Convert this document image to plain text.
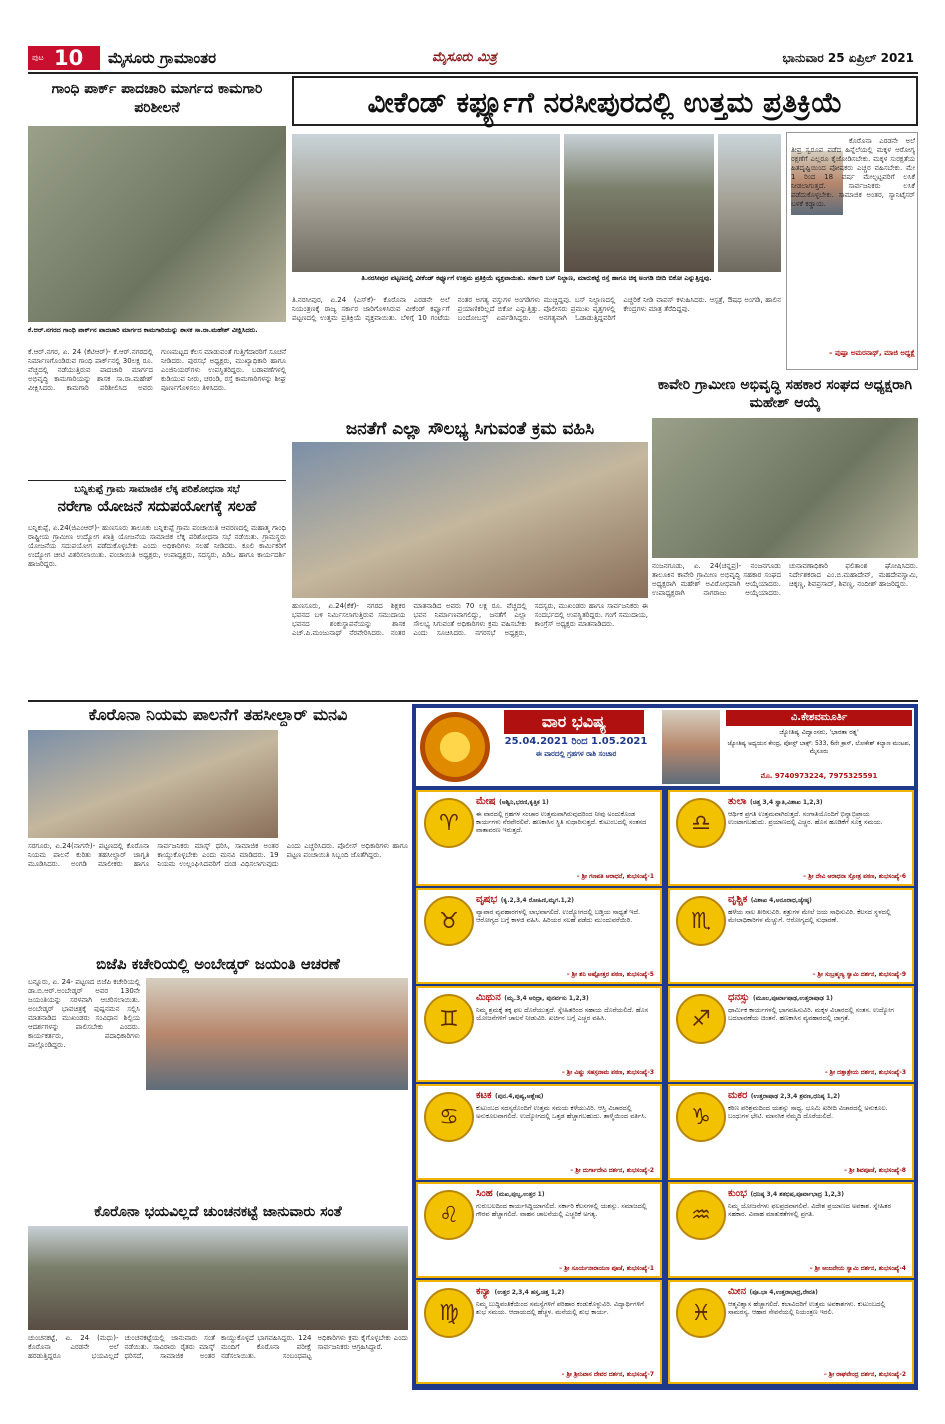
ಪುಟ 10 ಮೈಸೂರು ಗ್ರಾಮಾಂತರ	ಮೈಸೂರು ಮಿತ್ರ	ಭಾನುವಾರ 25 ಏಪ್ರಿಲ್ 2021
ಗಾಂಧಿ ಪಾರ್ಕ್ ಪಾದಚಾರಿ ಮಾರ್ಗದ ಕಾಮಗಾರಿ ಪರಿಶೀಲನೆ
ಕೆ.ಆರ್.ನಗರದ ಗಾಂಧಿ ಪಾರ್ಕ್‌ನ ಪಾದಚಾರಿ ಮಾರ್ಗದ ಕಾಮಗಾರಿಯನ್ನು ಶಾಸಕ ಸಾ.ರಾ.ಮಹೇಶ್ ವೀಕ್ಷಿಸಿದರು.
ಕೆ.ಆರ್.ನಗರ, ಏ. 24 (ಕೆಟಿಆರ್)- ಕೆ.ಆರ್.ನಗರದಲ್ಲಿ ನಿರ್ಮಾಣಗೊಂಡಿರುವ ಗಾಂಧಿ ಪಾರ್ಕ್‌ನಲ್ಲಿ 30ಲಕ್ಷ ರೂ. ವೆಚ್ಚದಲ್ಲಿ ನಡೆಯುತ್ತಿರುವ ಪಾದಚಾರಿ ಮಾರ್ಗದ ಅಭಿವೃದ್ಧಿ ಕಾಮಗಾರಿಯನ್ನು ಶಾಸಕ ಸಾ.ರಾ.ಮಹೇಶ್ ವೀಕ್ಷಿಸಿದರು. ಕಾಮಗಾರಿ ಪರಿಶೀಲಿಸಿದ ಅವರು ಗುಣಮಟ್ಟದ ಕೆಲಸ ಮಾಡುವಂತೆ ಗುತ್ತಿಗೆದಾರರಿಗೆ ಸೂಚನೆ ನೀಡಿದರು. ಪುರಸಭೆ ಅಧ್ಯಕ್ಷರು, ಮುಖ್ಯಾಧಿಕಾರಿ ಹಾಗೂ ಎಂಜಿನಿಯರ್‌ಗಳು ಉಪಸ್ಥಿತರಿದ್ದರು. ಬಡಾವಣೆಗಳಲ್ಲಿ ಕುಡಿಯುವ ನೀರು, ಚರಂಡಿ, ರಸ್ತೆ ಕಾಮಗಾರಿಗಳನ್ನು ಶೀಘ್ರ ಪೂರ್ಣಗೊಳಿಸಲು ತಿಳಿಸಿದರು.
ಬನ್ನಿಕುಪ್ಪೆ ಗ್ರಾಮ ಸಾಮಾಜಿಕ ಲೆಕ್ಕ ಪರಿಶೋಧನಾ ಸಭೆ
ನರೇಗಾ ಯೋಜನೆ ಸದುಪಯೋಗಕ್ಕೆ ಸಲಹೆ
ಬನ್ನಿಕುಪ್ಪೆ, ಏ.24(ಜಿಎಂಆರ್)- ಹುಣಸೂರು ತಾಲೂಕು ಬನ್ನಿಕುಪ್ಪೆ ಗ್ರಾಮ ಪಂಚಾಯಿತಿ ಆವರಣದಲ್ಲಿ ಮಹಾತ್ಮ ಗಾಂಧಿ ರಾಷ್ಟ್ರೀಯ ಗ್ರಾಮೀಣ ಉದ್ಯೋಗ ಖಾತ್ರಿ ಯೋಜನೆಯ ಸಾಮಾಜಿಕ ಲೆಕ್ಕ ಪರಿಶೋಧನಾ ಸಭೆ ನಡೆಯಿತು. ಗ್ರಾಮಸ್ಥರು ಯೋಜನೆಯ ಸದುಪಯೋಗ ಪಡೆದುಕೊಳ್ಳಬೇಕು ಎಂದು ಅಧಿಕಾರಿಗಳು ಸಲಹೆ ನೀಡಿದರು. ಕೂಲಿ ಕಾರ್ಮಿಕರಿಗೆ ಉದ್ಯೋಗ ಚೀಟಿ ವಿತರಿಸಲಾಯಿತು. ಪಂಚಾಯಿತಿ ಅಧ್ಯಕ್ಷರು, ಉಪಾಧ್ಯಕ್ಷರು, ಸದಸ್ಯರು, ಪಿಡಿಒ ಹಾಗೂ ಕಾರ್ಯದರ್ಶಿ ಹಾಜರಿದ್ದರು.
ವೀಕೆಂಡ್ ಕರ್ಫ್ಯೂಗೆ ನರಸೀಪುರದಲ್ಲಿ ಉತ್ತಮ ಪ್ರತಿಕ್ರಿಯೆ
ತಿ.ನರಸೀಪುರ ಪಟ್ಟಣದಲ್ಲಿ ವೀಕೆಂಡ್ ಕರ್ಫ್ಯೂಗೆ ಉತ್ತಮ ಪ್ರತಿಕ್ರಿಯೆ ವ್ಯಕ್ತವಾಯಿತು. ಸರ್ಕಾರಿ ಬಸ್ ನಿಲ್ದಾಣ, ಮಾರುಕಟ್ಟೆ ರಸ್ತೆ ಹಾಗೂ ಚಿಕ್ಕ ಅಂಗಡಿ ಬೀದಿ ಬಿಕೋ ಎನ್ನುತ್ತಿದ್ದವು.
ತಿ.ನರಸೀಪುರ, ಏ.24 (ಎಸ್‌ಕೆ)- ಕೊರೊನಾ ಎರಡನೇ ಅಲೆ ನಿಯಂತ್ರಣಕ್ಕೆ ರಾಜ್ಯ ಸರ್ಕಾರ ಜಾರಿಗೊಳಿಸಿರುವ ವೀಕೆಂಡ್ ಕರ್ಫ್ಯೂಗೆ ಪಟ್ಟಣದಲ್ಲಿ ಉತ್ತಮ ಪ್ರತಿಕ್ರಿಯೆ ವ್ಯಕ್ತವಾಯಿತು. ಬೆಳಿಗ್ಗೆ 10 ಗಂಟೆಯ ನಂತರ ಅಗತ್ಯ ವಸ್ತುಗಳ ಅಂಗಡಿಗಳು ಮುಚ್ಚಿದ್ದವು. ಬಸ್ ನಿಲ್ದಾಣದಲ್ಲಿ ಪ್ರಯಾಣಿಕರಿಲ್ಲದೆ ಬಿಕೋ ಎನ್ನುತ್ತಿತ್ತು. ಪೊಲೀಸರು ಪ್ರಮುಖ ವೃತ್ತಗಳಲ್ಲಿ ಬಂದೋಬಸ್ತ್ ಏರ್ಪಡಿಸಿದ್ದರು. ಅನಗತ್ಯವಾಗಿ ಓಡಾಡುತ್ತಿದ್ದವರಿಗೆ ಎಚ್ಚರಿಕೆ ನೀಡಿ ವಾಪಸ್ ಕಳುಹಿಸಿದರು. ಆಸ್ಪತ್ರೆ, ಔಷಧ ಅಂಗಡಿ, ಹಾಲಿನ ಕೇಂದ್ರಗಳು ಮಾತ್ರ ತೆರೆದಿದ್ದವು.
ಕೊರೊನಾ ಎರಡನೇ ಅಲೆ ತೀವ್ರ ಸ್ವರೂಪ ಪಡೆದ ಹಿನ್ನೆಲೆಯಲ್ಲಿ ಮಕ್ಕಳ ಆರೋಗ್ಯ ರಕ್ಷಣೆಗೆ ಎಲ್ಲರೂ ಕೈಜೋಡಿಸಬೇಕು. ಮಕ್ಕಳ ಸುರಕ್ಷತೆಯ ಹಿತದೃಷ್ಟಿಯಿಂದ ಪೋಷಕರು ಎಚ್ಚರ ವಹಿಸಬೇಕು. ಮೇ 1 ರಿಂದ 18 ವರ್ಷ ಮೇಲ್ಪಟ್ಟವರಿಗೆ ಲಸಿಕೆ ನೀಡಲಾಗುತ್ತದೆ. ಸಾರ್ವಜನಿಕರು ಲಸಿಕೆ ಪಡೆದುಕೊಳ್ಳಬೇಕು. ಸಾಮಾಜಿಕ ಅಂತರ, ಸ್ಯಾನಿಟೈಸರ್ ಬಳಕೆ ಕಡ್ಡಾಯ.
– ಪುಷ್ಪಾ ಅಮರನಾಥ್, ಮಾಜಿ ಅಧ್ಯಕ್ಷೆ
ಜನತೆಗೆ ಎಲ್ಲಾ ಸೌಲಭ್ಯ ಸಿಗುವಂತೆ ಕ್ರಮ ವಹಿಸಿ
ಹುಣಸೂರು, ಏ.24(ಕೆಕೆ)- ನಗರದ ಶಿಕ್ಷಕರ ಭವನದ ಬಳಿ ನಿರ್ಮಿಸಲಾಗುತ್ತಿರುವ ಸಮುದಾಯ ಭವನದ ಶಂಕುಸ್ಥಾಪನೆಯನ್ನು ಶಾಸಕ ಎಚ್.ಪಿ.ಮಂಜುನಾಥ್ ನೆರವೇರಿಸಿದರು. ನಂತರ ಮಾತನಾಡಿದ ಅವರು 70 ಲಕ್ಷ ರೂ. ವೆಚ್ಚದಲ್ಲಿ ಭವನ ನಿರ್ಮಾಣವಾಗಲಿದ್ದು, ಜನತೆಗೆ ಎಲ್ಲಾ ಸೌಲಭ್ಯ ಸಿಗುವಂತೆ ಅಧಿಕಾರಿಗಳು ಕ್ರಮ ವಹಿಸಬೇಕು ಎಂದು ಸೂಚಿಸಿದರು. ನಗರಸಭೆ ಅಧ್ಯಕ್ಷರು, ಸದಸ್ಯರು, ಮುಖಂಡರು ಹಾಗೂ ಸಾರ್ವಜನಿಕರು ಈ ಸಂದರ್ಭದಲ್ಲಿ ಉಪಸ್ಥಿತರಿದ್ದರು. ಗಂಗೆ ಸಮುದಾಯ, ಕಾಂಗ್ರೆಸ್ ಅಧ್ಯಕ್ಷರು ಮಾತನಾಡಿದರು.
ಕಾವೇರಿ ಗ್ರಾಮೀಣ ಅಭಿವೃದ್ಧಿ ಸಹಕಾರ ಸಂಘದ ಅಧ್ಯಕ್ಷರಾಗಿ ಮಹೇಶ್ ಆಯ್ಕೆ
ನಂಜನಗೂಡು, ಏ. 24(ಚನ್ನಪ್ರ)- ನಂಜನಗೂಡು ತಾಲೂಕಿನ ಕಾವೇರಿ ಗ್ರಾಮೀಣ ಅಭಿವೃದ್ಧಿ ಸಹಕಾರ ಸಂಘದ ಅಧ್ಯಕ್ಷರಾಗಿ ಮಹೇಶ್ ಅವಿರೋಧವಾಗಿ ಆಯ್ಕೆಯಾದರು. ಉಪಾಧ್ಯಕ್ಷರಾಗಿ ನಾಗರಾಜು ಆಯ್ಕೆಯಾದರು. ಚುನಾವಣಾಧಿಕಾರಿ ಫಲಿತಾಂಶ ಘೋಷಿಸಿದರು. ನಿರ್ದೇಶಕರಾದ ಎಂ.ಬಿ.ಮಹಾದೇವ್, ಮಹದೇವಸ್ವಾಮಿ, ಚಿಕ್ಕಣ್ಣ, ಶಿವಪ್ರಸಾದ್, ಶಿವಣ್ಣ, ನಂದೀಶ್ ಹಾಜರಿದ್ದರು.
ಕೊರೊನಾ ನಿಯಮ ಪಾಲನೆಗೆ ತಹಸೀಲ್ದಾರ್ ಮನವಿ
ಸರಗೂರು, ಏ.24(ನಾಗಸೇ)- ಪಟ್ಟಣದಲ್ಲಿ ಕೊರೊನಾ ನಿಯಮ ಪಾಲನೆ ಕುರಿತು ತಹಸೀಲ್ದಾರ್ ಜಾಗೃತಿ ಮೂಡಿಸಿದರು. ಅಂಗಡಿ ಮಾಲೀಕರು ಹಾಗೂ ಸಾರ್ವಜನಿಕರು ಮಾಸ್ಕ್ ಧರಿಸಿ, ಸಾಮಾಜಿಕ ಅಂತರ ಕಾಯ್ದುಕೊಳ್ಳಬೇಕು ಎಂದು ಮನವಿ ಮಾಡಿದರು. 19 ನಿಯಮ ಉಲ್ಲಂಘಿಸಿದವರಿಗೆ ದಂಡ ವಿಧಿಸಲಾಗುವುದು ಎಂದು ಎಚ್ಚರಿಸಿದರು. ಪೊಲೀಸ್ ಅಧಿಕಾರಿಗಳು ಹಾಗೂ ಪಟ್ಟಣ ಪಂಚಾಯಿತಿ ಸಿಬ್ಬಂದಿ ಜೊತೆಗಿದ್ದರು.
ಬಿಜೆಪಿ ಕಚೇರಿಯಲ್ಲಿ ಅಂಬೇಡ್ಕರ್ ಜಯಂತಿ ಆಚರಣೆ
ಬನ್ನೂರು, ಏ. 24- ಪಟ್ಟಣದ ಬಿಜೆಪಿ ಕಚೇರಿಯಲ್ಲಿ ಡಾ.ಬಿ.ಆರ್.ಅಂಬೇಡ್ಕರ್ ಅವರ 130ನೇ ಜಯಂತಿಯನ್ನು ಸರಳವಾಗಿ ಆಚರಿಸಲಾಯಿತು. ಅಂಬೇಡ್ಕರ್ ಭಾವಚಿತ್ರಕ್ಕೆ ಪುಷ್ಪನಮನ ಸಲ್ಲಿಸಿ ಮಾತನಾಡಿದ ಮುಖಂಡರು ಸಂವಿಧಾನ ಶಿಲ್ಪಿಯ ಆದರ್ಶಗಳನ್ನು ಪಾಲಿಸಬೇಕು ಎಂದರು. ಕಾರ್ಯಕರ್ತರು, ಪದಾಧಿಕಾರಿಗಳು ಪಾಲ್ಗೊಂಡಿದ್ದರು.
ಕೊರೊನಾ ಭಯವಿಲ್ಲದೆ ಚುಂಚನಕಟ್ಟೆ ಜಾನುವಾರು ಸಂತೆ
ಚುಂಚನಕಟ್ಟೆ, ಏ. 24 (ಮಧು)- ಕೊರೊನಾ ಎರಡನೇ ಅಲೆ ಹರಡುತ್ತಿದ್ದರೂ ಭಯವಿಲ್ಲದೆ ಚುಂಚನಕಟ್ಟೆಯಲ್ಲಿ ಜಾನುವಾರು ಸಂತೆ ನಡೆಯಿತು. ಸಾವಿರಾರು ರೈತರು ಮಾಸ್ಕ್ ಧರಿಸದೆ, ಸಾಮಾಜಿಕ ಅಂತರ ಕಾಯ್ದುಕೊಳ್ಳದೆ ಭಾಗವಹಿಸಿದ್ದರು. 124 ಮಂದಿಗೆ ಕೊರೊನಾ ಪರೀಕ್ಷೆ ನಡೆಸಲಾಯಿತು. ಸಂಬಂಧಪಟ್ಟ ಅಧಿಕಾರಿಗಳು ಕ್ರಮ ಕೈಗೊಳ್ಳಬೇಕು ಎಂದು ಸಾರ್ವಜನಿಕರು ಆಗ್ರಹಿಸಿದ್ದಾರೆ.
ವಾರ ಭವಿಷ್ಯ
25.04.2021 ರಿಂದ 1.05.2021
ಈ ವಾರದಲ್ಲಿ ಗ್ರಹಗಳ ರಾಶಿ ಸಂಚಾರ
ವಿ.ಕೇಶವಮೂರ್ತಿ
ಜ್ಯೋತಿಷ್ಯ ವಿದ್ವಾಂಸರು, 'ಭಾರತಾ ರತ್ನ'
ಜ್ಯೋತಿಷ್ಯ ಅಧ್ಯಯನ ಕೇಂದ್ರ, ಪೋಸ್ಟ್ ಬಾಕ್ಸ್: 533, 6ನೇ ಕ್ರಾಸ್, ಲೋಕೇಶ್ ಕಲ್ಯಾಣ ಮಂಟಪ, ಮೈಸೂರು
ಮೊ. 9740973224, 7975325591
♈
ಮೇಷ (ಅಶ್ವಿನಿ,ಭರಣಿ,ಕೃತ್ತಿಕ 1)
ಈ ವಾರದಲ್ಲಿ ಗ್ರಹಗಳ ಸಂಚಾರ ಉತ್ತಮವಾಗಿರುವುದರಿಂದ ನೀವು ಅಂದುಕೊಂಡ ಕಾರ್ಯಗಳು ನೆರವೇರಲಿವೆ. ಹಣಕಾಸಿನ ಸ್ಥಿತಿ ಸುಧಾರಿಸುತ್ತದೆ. ಕುಟುಂಬದಲ್ಲಿ ಸಂತಸದ ವಾತಾವರಣ ಇರುತ್ತದೆ.
– ಶ್ರೀ ಗಣಪತಿ ಆರಾಧನೆ, ಶುಭಸಂಖ್ಯೆ-1
♉
ವೃಷಭ (ಕೃ.2,3,4 ರೋಹಿಣಿ,ಮೃಗ.1,2)
ವ್ಯಾಪಾರ ವ್ಯವಹಾರಗಳಲ್ಲಿ ಲಾಭವಾಗಲಿದೆ. ಉದ್ಯೋಗದಲ್ಲಿ ಬಡ್ತಿಯ ಸಾಧ್ಯತೆ ಇದೆ. ಆರೋಗ್ಯದ ಬಗ್ಗೆ ಕಾಳಜಿ ವಹಿಸಿ. ಹಿರಿಯರ ಸಲಹೆ ಪಡೆದು ಮುಂದುವರೆಯಿರಿ.
– ಶ್ರೀ ಶನಿ ಅಷ್ಟೋತ್ತರ ಪಠಣ, ಶುಭಸಂಖ್ಯೆ-5
♊
ಮಿಥುನ (ಮೃ.3,4 ಆರಿದ್ರಾ, ಪುನರ್ವಸು 1,2,3)
ನಿಮ್ಮ ಶ್ರಮಕ್ಕೆ ತಕ್ಕ ಫಲ ದೊರೆಯುತ್ತದೆ. ಸ್ನೇಹಿತರಿಂದ ಸಹಾಯ ದೊರೆಯಲಿದೆ. ಹೊಸ ಯೋಜನೆಗಳಿಗೆ ಚಾಲನೆ ನೀಡುವಿರಿ. ಖರ್ಚಿನ ಬಗ್ಗೆ ಎಚ್ಚರ ವಹಿಸಿ.
– ಶ್ರೀ ವಿಷ್ಣು ಸಹಸ್ರನಾಮ ಪಠಣ, ಶುಭಸಂಖ್ಯೆ-3
♋
ಕಟಕ (ಪುನ.4,ಪುಷ್ಯ,ಆಶ್ಲೇಷ)
ಕುಟುಂಬದ ಸದಸ್ಯರೊಂದಿಗೆ ಉತ್ತಮ ಸಮಯ ಕಳೆಯುವಿರಿ. ಆಸ್ತಿ ವಿಚಾರದಲ್ಲಿ ಅನುಕೂಲವಾಗಲಿದೆ. ಉದ್ಯೋಗದಲ್ಲಿ ಒತ್ತಡ ಹೆಚ್ಚಾಗಬಹುದು. ತಾಳ್ಮೆಯಿಂದ ವರ್ತಿಸಿ.
– ಶ್ರೀ ದುರ್ಗಾದೇವಿ ದರ್ಶನ, ಶುಭಸಂಖ್ಯೆ-2
♌
ಸಿಂಹ (ಮಖ,ಪುಬ್ಬ,ಉತ್ತರ 1)
ಗುರುಬಲದಿಂದ ಕಾರ್ಯಸಿದ್ಧಿಯಾಗಲಿದೆ. ಸರ್ಕಾರಿ ಕೆಲಸಗಳಲ್ಲಿ ಯಶಸ್ಸು. ಸಮಾಜದಲ್ಲಿ ಗೌರವ ಹೆಚ್ಚಾಗಲಿದೆ. ವಾಹನ ಚಾಲನೆಯಲ್ಲಿ ಎಚ್ಚರಿಕೆ ಅಗತ್ಯ.
– ಶ್ರೀ ಸೂರ್ಯನಾರಾಯಣ ಪೂಜೆ, ಶುಭಸಂಖ್ಯೆ-1
♍
ಕನ್ಯಾ (ಉತ್ತರ 2,3,4 ಹಸ್ತ,ಚಿತ್ತ 1,2)
ನಿಮ್ಮ ಬುದ್ಧಿವಂತಿಕೆಯಿಂದ ಸಮಸ್ಯೆಗಳಿಗೆ ಪರಿಹಾರ ಕಂಡುಕೊಳ್ಳುವಿರಿ. ವಿದ್ಯಾರ್ಥಿಗಳಿಗೆ ಶುಭ ಸಮಯ. ಆದಾಯದಲ್ಲಿ ಹೆಚ್ಚಳ. ಮನೆಯಲ್ಲಿ ಶುಭ ಕಾರ್ಯ.
– ಶ್ರೀ ಶ್ರೀನಿವಾಸ ದೇವರ ದರ್ಶನ, ಶುಭಸಂಖ್ಯೆ-7
♎
ತುಲಾ (ಚಿತ್ತ 3,4 ಸ್ವಾತಿ,ವಿಶಾಖ 1,2,3)
ಆರ್ಥಿಕ ಪ್ರಗತಿ ಉತ್ತಮವಾಗಿರುತ್ತದೆ. ಸಂಗಾತಿಯೊಂದಿಗೆ ಭಿನ್ನಾಭಿಪ್ರಾಯ ಉಂಟಾಗಬಹುದು. ಪ್ರಯಾಣದಲ್ಲಿ ಎಚ್ಚರ. ಹೊಸ ಹೂಡಿಕೆಗೆ ಸೂಕ್ತ ಸಮಯ.
– ಶ್ರೀ ದೇವಿ ಆರಾಧನಾ ಸ್ತೋತ್ರ ಪಠಣ, ಶುಭಸಂಖ್ಯೆ-6
♏
ವೃಶ್ಚಿಕ (ವಿಶಾಖ 4,ಅನೂರಾಧ,ಜ್ಯೇಷ್ಠ)
ಹಳೆಯ ಸಾಲ ತೀರಿಸುವಿರಿ. ಶತ್ರುಗಳ ಮೇಲೆ ಜಯ ಸಾಧಿಸುವಿರಿ. ಕೆಲಸದ ಸ್ಥಳದಲ್ಲಿ ಮೇಲಾಧಿಕಾರಿಗಳ ಮೆಚ್ಚುಗೆ. ಆರೋಗ್ಯದಲ್ಲಿ ಸುಧಾರಣೆ.
– ಶ್ರೀ ಸುಬ್ರಹ್ಮಣ್ಯ ಸ್ವಾಮಿ ದರ್ಶನ, ಶುಭಸಂಖ್ಯೆ-9
♐
ಧನಸ್ಸು (ಮೂಲ,ಪೂರ್ವಾಷಾಢ,ಉತ್ತರಾಷಾಢ 1)
ಧಾರ್ಮಿಕ ಕಾರ್ಯಗಳಲ್ಲಿ ಭಾಗವಹಿಸುವಿರಿ. ಮಕ್ಕಳ ವಿಚಾರದಲ್ಲಿ ಸಂತಸ. ಉದ್ಯೋಗ ಬದಲಾವಣೆಯ ಚಿಂತನೆ. ಹಣಕಾಸಿನ ವ್ಯವಹಾರದಲ್ಲಿ ಜಾಗ್ರತೆ.
– ಶ್ರೀ ದತ್ತಾತ್ರೇಯ ದರ್ಶನ, ಶುಭಸಂಖ್ಯೆ-3
♑
ಮಕರ (ಉತ್ತರಾಷಾಢ 2,3,4 ಶ್ರವಣ,ಧನಿಷ್ಠ 1,2)
ಕಠಿಣ ಪರಿಶ್ರಮದಿಂದ ಯಶಸ್ಸು ಸಾಧ್ಯ. ಭೂಮಿ ಖರೀದಿ ವಿಚಾರದಲ್ಲಿ ಅನುಕೂಲ. ಬಂಧುಗಳ ಭೇಟಿ. ಮಾನಸಿಕ ನೆಮ್ಮದಿ ದೊರೆಯಲಿದೆ.
– ಶ್ರೀ ಶಿವಪೂಜೆ, ಶುಭಸಂಖ್ಯೆ-8
♒
ಕುಂಭ (ಧನಿಷ್ಠ 3,4 ಶತಭಿಷ,ಪೂರ್ವಾಭಾದ್ರ 1,2,3)
ನಿಮ್ಮ ಯೋಜನೆಗಳು ಫಲಪ್ರದವಾಗಲಿವೆ. ವಿದೇಶ ಪ್ರಯಾಣದ ಅವಕಾಶ. ಸ್ನೇಹಿತರ ಸಹಕಾರ. ವಿವಾಹ ಮಾತುಕತೆಗಳಲ್ಲಿ ಪ್ರಗತಿ.
– ಶ್ರೀ ಆಂಜನೇಯ ಸ್ವಾಮಿ ದರ್ಶನ, ಶುಭಸಂಖ್ಯೆ-4
♓
ಮೀನ (ಪೂ.ಭಾ 4,ಉತ್ತರಾಭಾದ್ರ,ರೇವತಿ)
ಆತ್ಮವಿಶ್ವಾಸ ಹೆಚ್ಚಾಗಲಿದೆ. ಕಲಾವಿದರಿಗೆ ಉತ್ತಮ ಅವಕಾಶಗಳು. ಕುಟುಂಬದಲ್ಲಿ ಸಾಮರಸ್ಯ. ಆಹಾರ ಸೇವನೆಯಲ್ಲಿ ನಿಯಂತ್ರಣ ಇರಲಿ.
– ಶ್ರೀ ರಾಘವೇಂದ್ರ ದರ್ಶನ, ಶುಭಸಂಖ್ಯೆ-2
